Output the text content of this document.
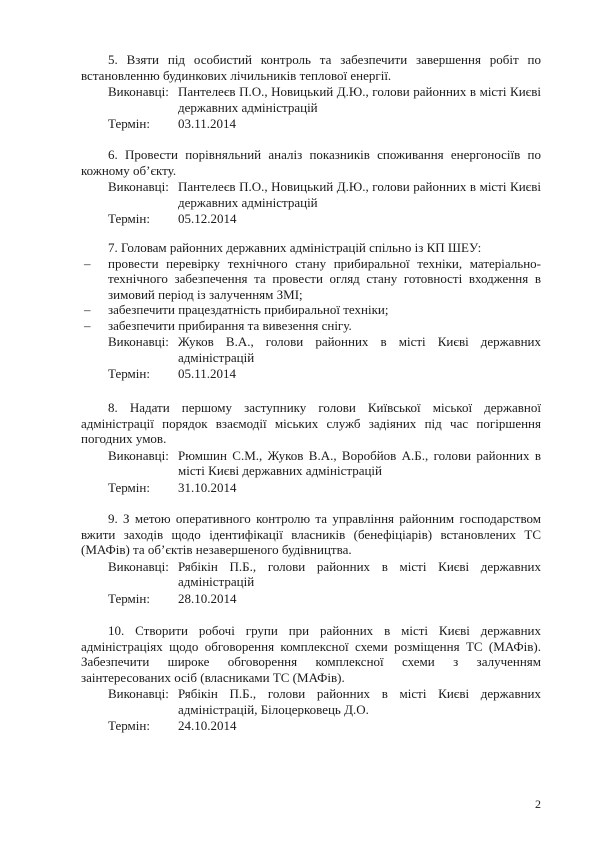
5. Взяти під особистий контроль та забезпечити завершення робіт по встановленню будинкових лічильників теплової енергії.
Виконавці: Пантелеєв П.О., Новицький Д.Ю., голови районних в місті Києві державних адміністрацій
Термін:	03.11.2014
6. Провести порівняльний аналіз показників споживання енергоносіїв по кожному об’єкту.
Виконавці: Пантелеєв П.О., Новицький Д.Ю., голови районних в місті Києві державних адміністрацій
Термін:	05.12.2014
7. Головам районних державних адміністрацій спільно із КП ШЕУ:
– провести перевірку технічного стану прибиральної техніки, матеріально-технічного забезпечення та провести огляд стану готовності входження в зимовий період із залученням ЗМІ;
– забезпечити працездатність прибиральної техніки;
– забезпечити прибирання та вивезення снігу.
Виконавці: Жуков В.А., голови районних в місті Києві державних адміністрацій
Термін:	05.11.2014
8. Надати першому заступнику голови Київської міської державної адміністрації порядок взаємодії міських служб задіяних під час погіршення погодних умов.
Виконавці: Рюмшин С.М., Жуков В.А., Воробйов А.Б., голови районних в місті Києві державних адміністрацій
Термін:	31.10.2014
9. З метою оперативного контролю та управління районним господарством вжити заходів щодо ідентифікації власників (бенефіціарів) встановлених ТС (МАФів) та об’єктів незавершеного будівництва.
Виконавці: Рябікін П.Б., голови районних в місті Києві державних адміністрацій
Термін:	28.10.2014
10. Створити робочі групи при районних в місті Києві державних адміністраціях щодо обговорення комплексної схеми розміщення ТС (МАФів). Забезпечити широке обговорення комплексної схеми з залученням заінтересованих осіб (власниками ТС (МАФів).
Виконавці: Рябікін П.Б., голови районних в місті Києві державних адміністрацій, Білоцерковець Д.О.
Термін:	24.10.2014
2
